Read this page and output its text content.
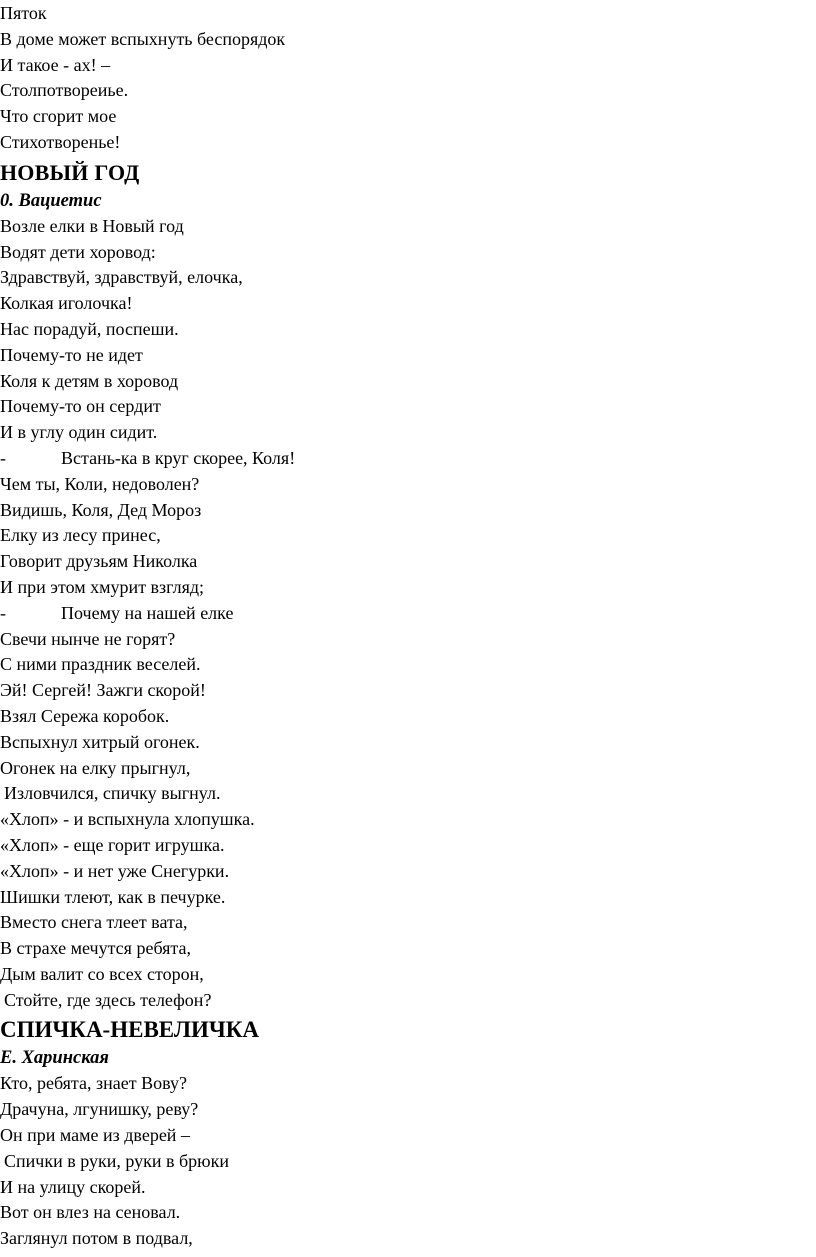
Пяток
В доме может вспыхнуть беспорядок
И такое - ах! –
Столпотвореиье.
Что сгорит мое
Стихотворенье!
НОВЫЙ ГОД
0. Вациетис
Возле елки в Новый год
Водят дети хоровод:
Здравствуй, здравствуй, елочка,
Колкая иголочка!
Нас порадуй, поспеши.
Почему-то не идет
Коля к детям в хоровод
Почему-то он сердит
И в углу один сидит.
-	Встань-ка в круг скорее, Коля!
Чем ты, Коли, недоволен?
Видишь, Коля, Дед Мороз
Елку из лесу принес,
Говорит друзьям Николка
И при этом хмурит взгляд;
-	Почему на нашей елке
Свечи нынче не горят?
С ними праздник веселей.
Эй! Сергей! Зажги скорой!
Взял Сережа коробок.
Вспыхнул хитрый огонек.
Огонек на елку прыгнул,
Изловчился, спичку выгнул.
«Хлоп» - и вспыхнула хлопушка.
«Хлоп» - еще горит игрушка.
«Хлоп» - и нет уже Снегурки.
Шишки тлеют, как в печурке.
Вместо снега тлеет вата,
В страхе мечутся ребята,
Дым валит со всех сторон,
Стойте, где здесь телефон?
СПИЧКА-НЕВЕЛИЧКА
Е. Харинская
Кто, ребята, знает Вову?
Драчуна, лгунишку, реву?
Он при маме из дверей –
Спички в руки, руки в брюки
И на улицу скорей.
Вот он влез на сеновал.
Заглянул потом в подвал,
